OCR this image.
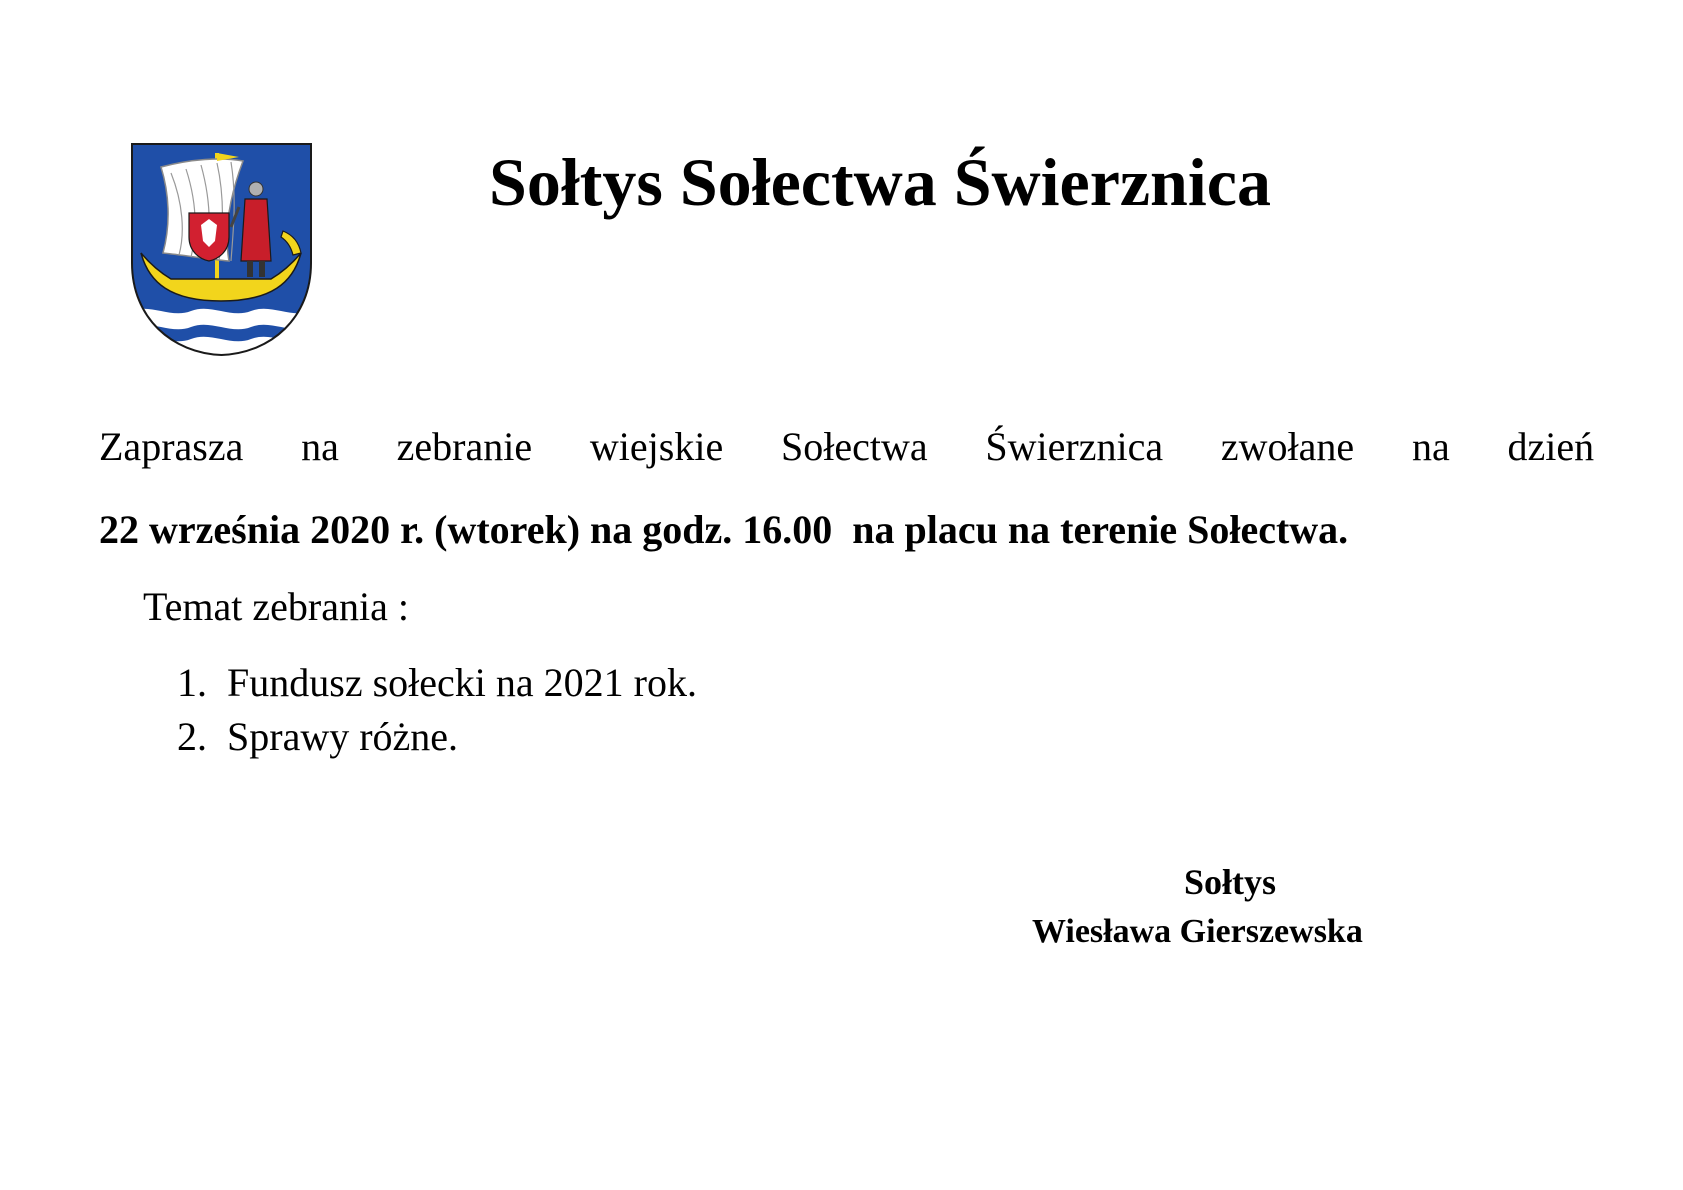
Sołtys Sołectwa Świerznica
Zaprasza na zebranie wiejskie Sołectwa Świerznica zwołane na dzień
22 września 2020 r. (wtorek) na godz. 16.00  na placu na terenie Sołectwa.
Temat zebrania :
1. Fundusz sołecki na 2021 rok.
2. Sprawy różne.
Sołtys
Wiesława Gierszewska
